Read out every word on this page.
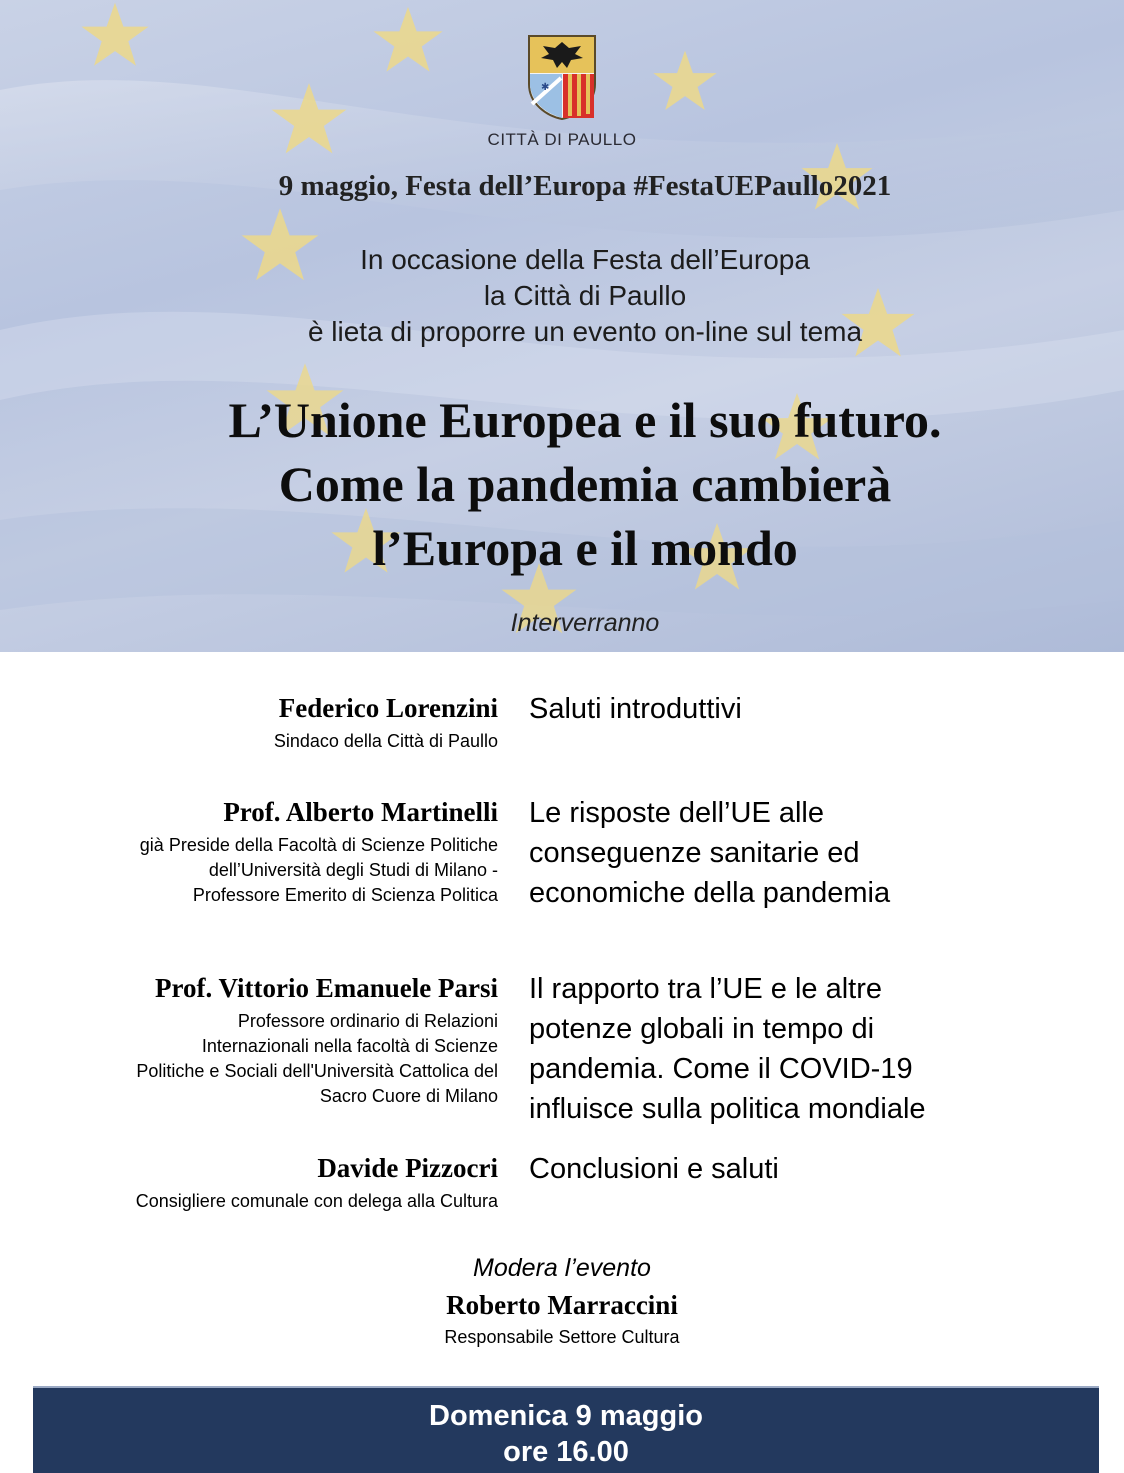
✱
CITTÀ DI PAULLO
9 maggio, Festa dell’Europa #FestaUEPaullo2021
In occasione della Festa dell’Europa
la Città di Paullo
è lieta di proporre un evento on-line sul tema
L’Unione Europea e il suo futuro.
Come la pandemia cambierà
l’Europa e il mondo
Interverranno
Federico Lorenzini
Sindaco della Città di Paullo
Saluti introduttivi
Prof. Alberto Martinelli
già Preside della Facoltà di Scienze Politiche
dell’Università degli Studi di Milano -
Professore Emerito di Scienza Politica
Le risposte dell’UE alle
conseguenze sanitarie ed
economiche della pandemia
Prof. Vittorio Emanuele Parsi
Professore ordinario di Relazioni
Internazionali nella facoltà di Scienze
Politiche e Sociali dell'Università Cattolica del
Sacro Cuore di Milano
Il rapporto tra l’UE e le altre
potenze globali in tempo di
pandemia. Come il COVID-19
influisce sulla politica mondiale
Davide Pizzocri
Consigliere comunale con delega alla Cultura
Conclusioni e saluti
Modera l’evento
Roberto Marraccini
Responsabile Settore Cultura
Domenica 9 maggio
ore 16.00
